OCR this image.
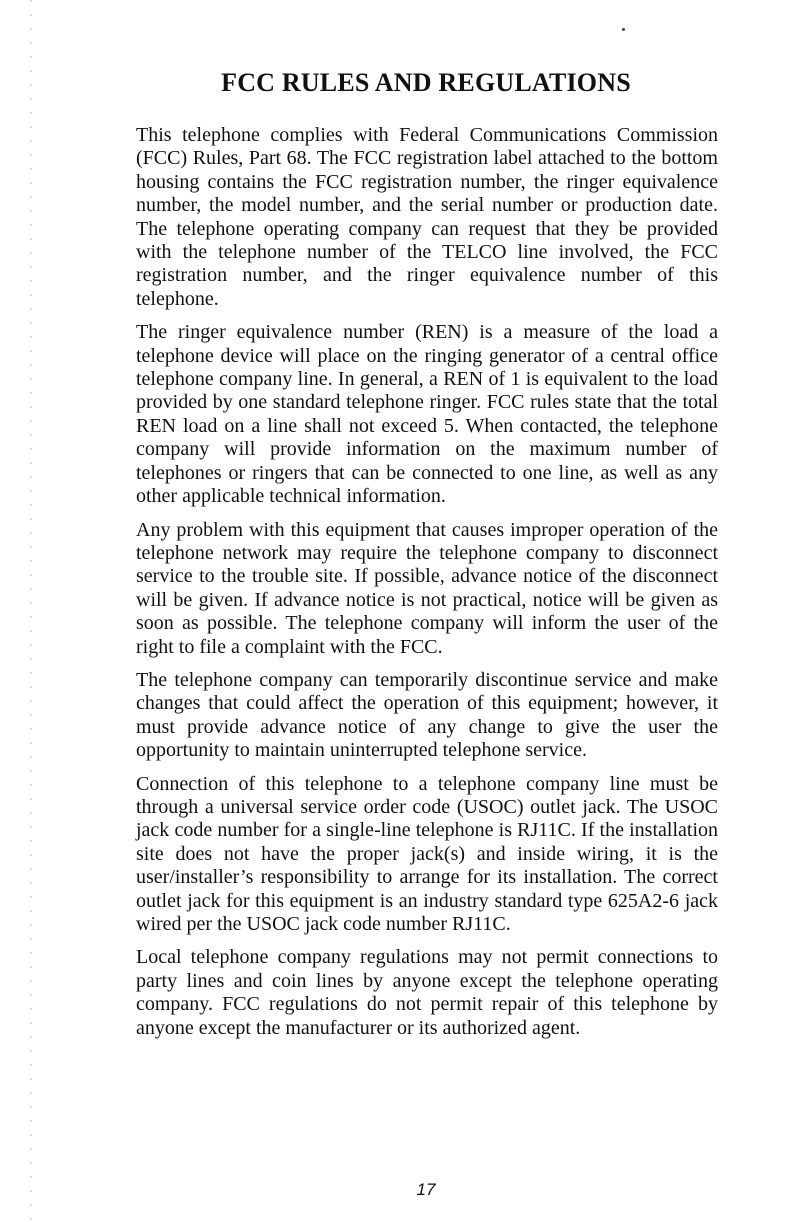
FCC RULES AND REGULATIONS

This telephone complies with Federal Communications Commission (FCC) Rules, Part 68. The FCC registration label attached to the bottom housing contains the FCC registration number, the ringer equivalence number, the model number, and the serial number or production date. The telephone operating company can request that they be provided with the telephone number of the TELCO line involved, the FCC registration number, and the ringer equivalence number of this telephone.

The ringer equivalence number (REN) is a measure of the load a telephone device will place on the ringing generator of a central office telephone company line. In general, a REN of 1 is equivalent to the load provided by one standard telephone ringer. FCC rules state that the total REN load on a line shall not exceed 5. When contacted, the telephone company will provide information on the maximum number of telephones or ringers that can be connected to one line, as well as any other applicable technical information.

Any problem with this equipment that causes improper operation of the telephone network may require the telephone company to disconnect service to the trouble site. If possible, advance notice of the disconnect will be given. If advance notice is not practical, notice will be given as soon as possible. The telephone company will inform the user of the right to file a complaint with the FCC.

The telephone company can temporarily discontinue service and make changes that could affect the operation of this equipment; however, it must provide advance notice of any change to give the user the opportunity to maintain uninterrupted telephone service.

Connection of this telephone to a telephone company line must be through a universal service order code (USOC) outlet jack. The USOC jack code number for a single-line telephone is RJ11C. If the installation site does not have the proper jack(s) and inside wiring, it is the user/installer’s responsibility to arrange for its installation. The correct outlet jack for this equipment is an industry standard type 625A2-6 jack wired per the USOC jack code number RJ11C.

Local telephone company regulations may not permit connections to party lines and coin lines by anyone except the telephone operating company. FCC regulations do not permit repair of this telephone by anyone except the manufacturer or its authorized agent.

17
